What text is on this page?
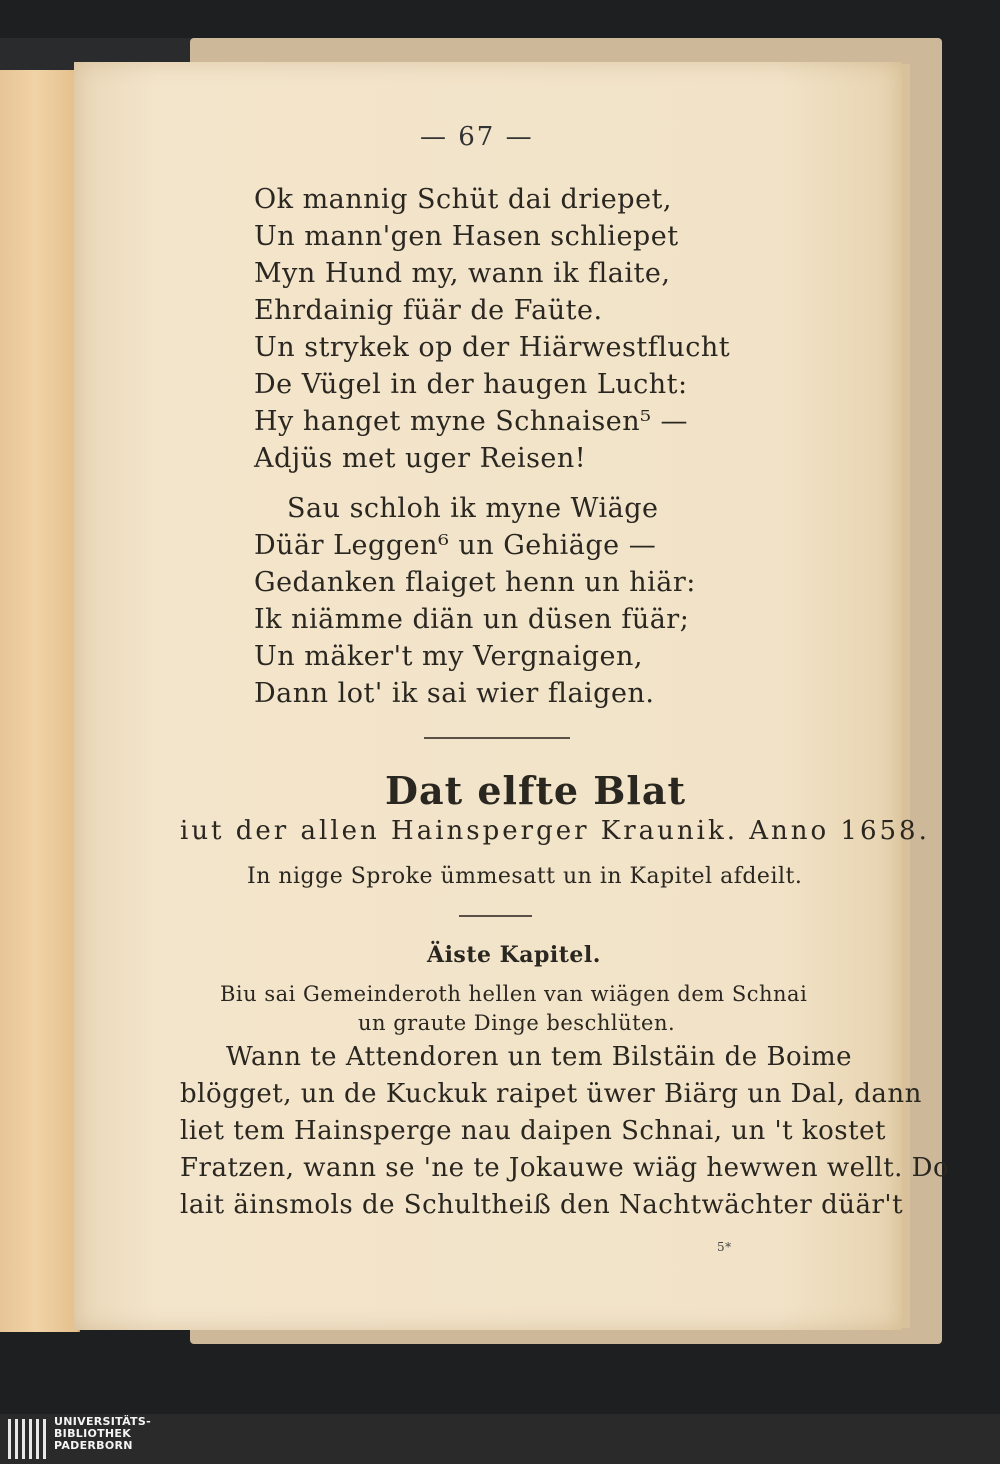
— 67 —
Ok mannig Schüt dai driepet,
Un mann'gen Hasen schliepet
Myn Hund my, wann ik flaite,
Ehrdainig füär de Faüte.
Un strykek op der Hiärwestflucht
De Vügel in der haugen Lucht:
Hy hanget myne Schnaisen⁵ —
Adjüs met uger Reisen!
Sau schloh ik myne Wiäge
Düär Leggen⁶ un Gehiäge —
Gedanken flaiget henn un hiär:
Ik niämme diän un düsen füär;
Un mäker't my Vergnaigen,
Dann lot' ik sai wier flaigen.
Dat elfte Blat
iut der allen Hainsperger Kraunik. Anno 1658.
In nigge Sproke ümmesatt un in Kapitel afdeilt.
Äiste Kapitel.
Biu sai Gemeinderoth hellen van wiägen dem Schnai
un graute Dinge beschlüten.
Wann te Attendoren un tem Bilstäin de Boime
blögget, un de Kuckuk raipet üwer Biärg un Dal, dann
liet tem Hainsperge nau daipen Schnai, un 't kostet
Fratzen, wann se 'ne te Jokauwe wiäg hewwen wellt. Do
lait äinsmols de Schultheiß den Nachtwächter düär't
5*
UNIVERSITÄTS-
BIBLIOTHEK
PADERBORN
